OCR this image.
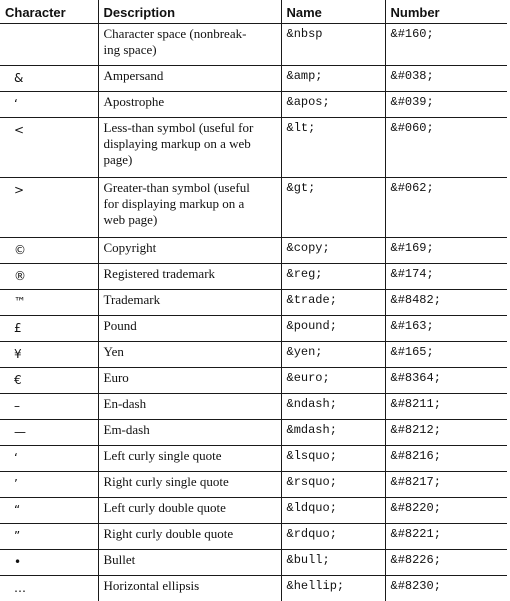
Character	Description	Name	Number
	Character space (nonbreak-
ing space)	&nbsp	&#160;
&	Ampersand	&amp;	&#038;
‘	Apostrophe	&apos;	&#039;
<	Less-than symbol (useful for
displaying markup on a web
page)	&lt;	&#060;
>	Greater-than symbol (useful
for displaying markup on a
web page)	&gt;	&#062;
©	Copyright	&copy;	&#169;
®	Registered trademark	&reg;	&#174;
™	Trademark	&trade;	&#8482;
£	Pound	&pound;	&#163;
¥	Yen	&yen;	&#165;
€	Euro	&euro;	&#8364;
–	En-dash	&ndash;	&#8211;
—	Em-dash	&mdash;	&#8212;
‘	Left curly single quote	&lsquo;	&#8216;
’	Right curly single quote	&rsquo;	&#8217;
“	Left curly double quote	&ldquo;	&#8220;
”	Right curly double quote	&rdquo;	&#8221;
•	Bullet	&bull;	&#8226;
…	Horizontal ellipsis	&hellip;	&#8230;
